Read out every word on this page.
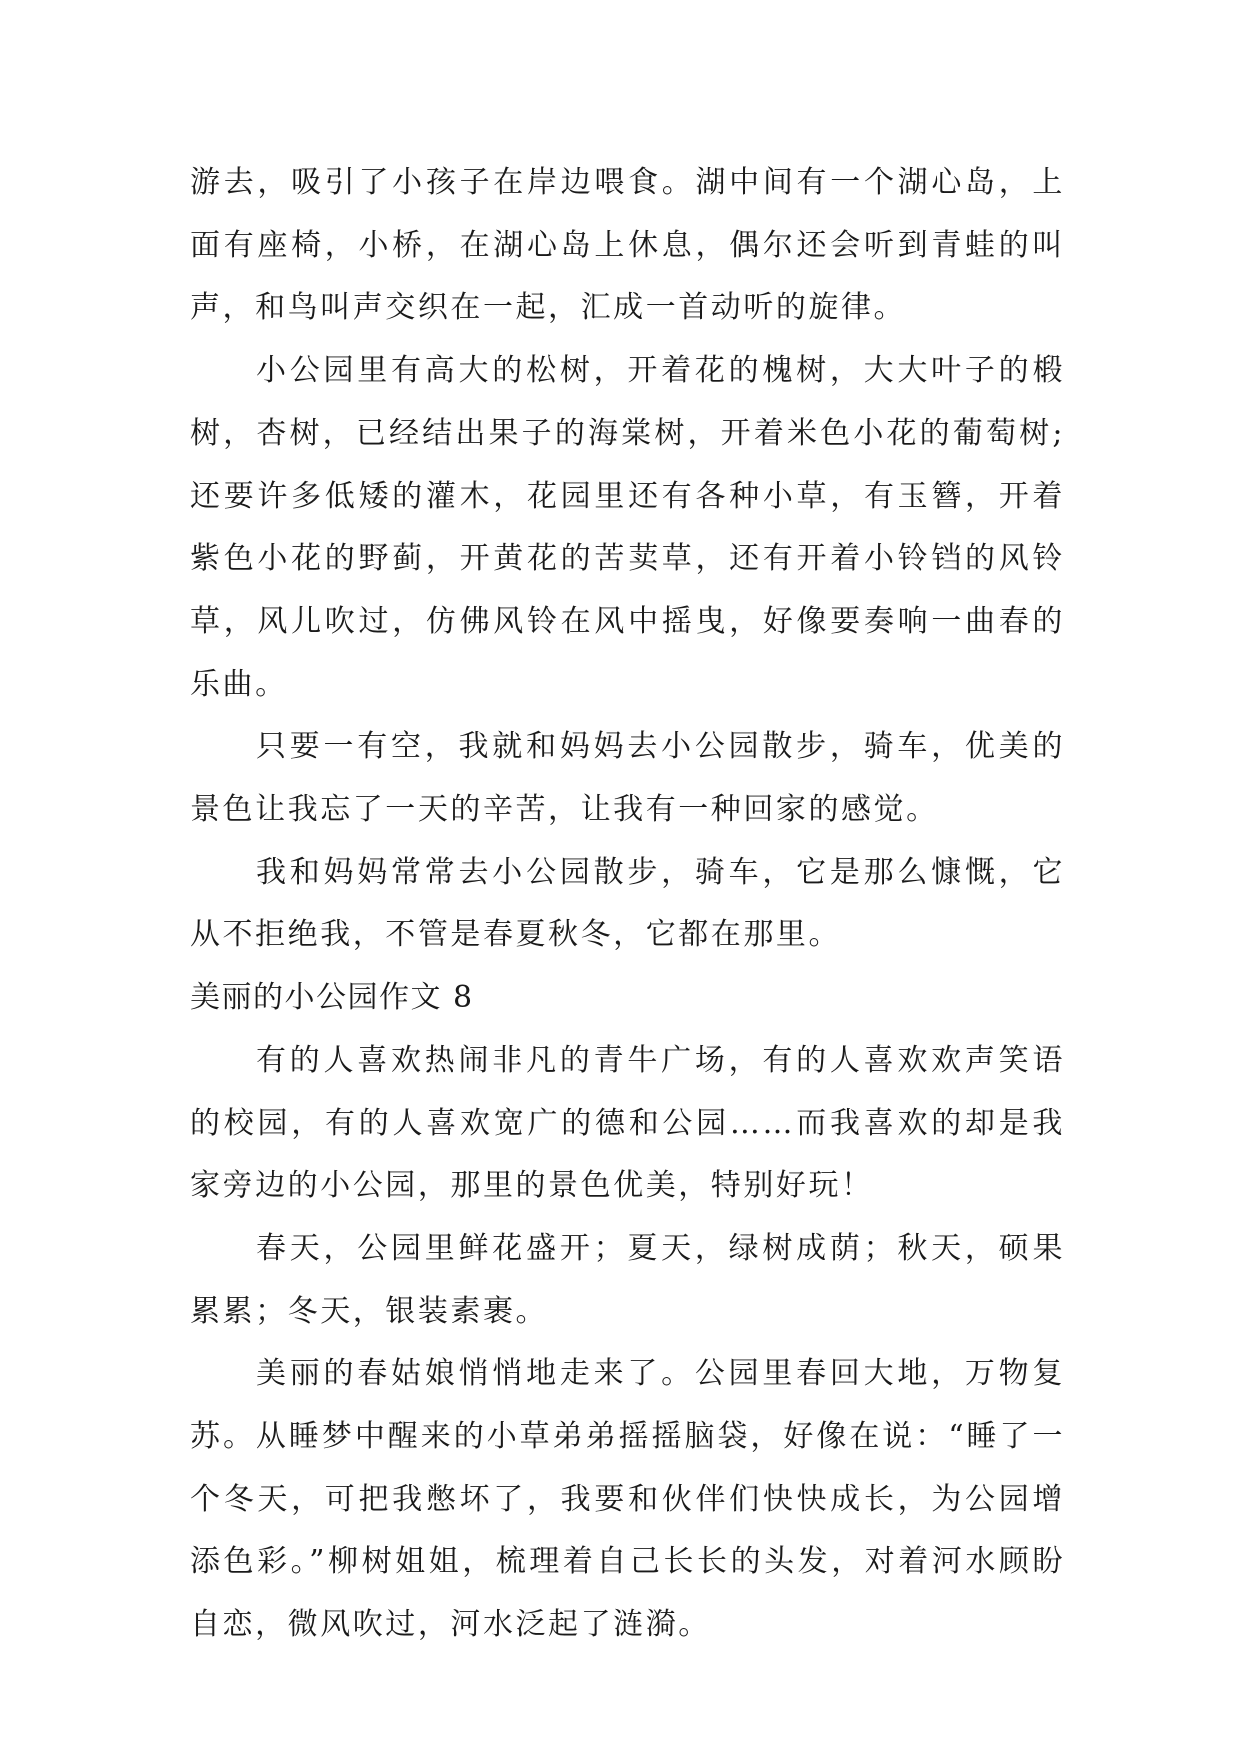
游去，吸引了小孩子在岸边喂食。湖中间有一个湖心岛，上面有座椅，小桥，在湖心岛上休息，偶尔还会听到青蛙的叫声，和鸟叫声交织在一起，汇成一首动听的旋律。

小公园里有高大的松树，开着花的槐树，大大叶子的椴树，杏树，已经结出果子的海棠树，开着米色小花的葡萄树;还要许多低矮的灌木，花园里还有各种小草，有玉簪，开着紫色小花的野蓟，开黄花的苦荬草，还有开着小铃铛的风铃草，风儿吹过，仿佛风铃在风中摇曳，好像要奏响一曲春的乐曲。

只要一有空，我就和妈妈去小公园散步，骑车，优美的景色让我忘了一天的辛苦，让我有一种回家的感觉。

我和妈妈常常去小公园散步，骑车，它是那么慷慨，它从不拒绝我，不管是春夏秋冬，它都在那里。

美丽的小公园作文 8

有的人喜欢热闹非凡的青牛广场，有的人喜欢欢声笑语的校园，有的人喜欢宽广的德和公园……而我喜欢的却是我家旁边的小公园，那里的景色优美，特别好玩！

春天，公园里鲜花盛开；夏天，绿树成荫；秋天，硕果累累；冬天，银装素裹。

美丽的春姑娘悄悄地走来了。公园里春回大地，万物复苏。从睡梦中醒来的小草弟弟摇摇脑袋，好像在说：“睡了一个冬天，可把我憋坏了，我要和伙伴们快快成长，为公园增添色彩。”柳树姐姐，梳理着自己长长的头发，对着河水顾盼自恋，微风吹过，河水泛起了涟漪。
